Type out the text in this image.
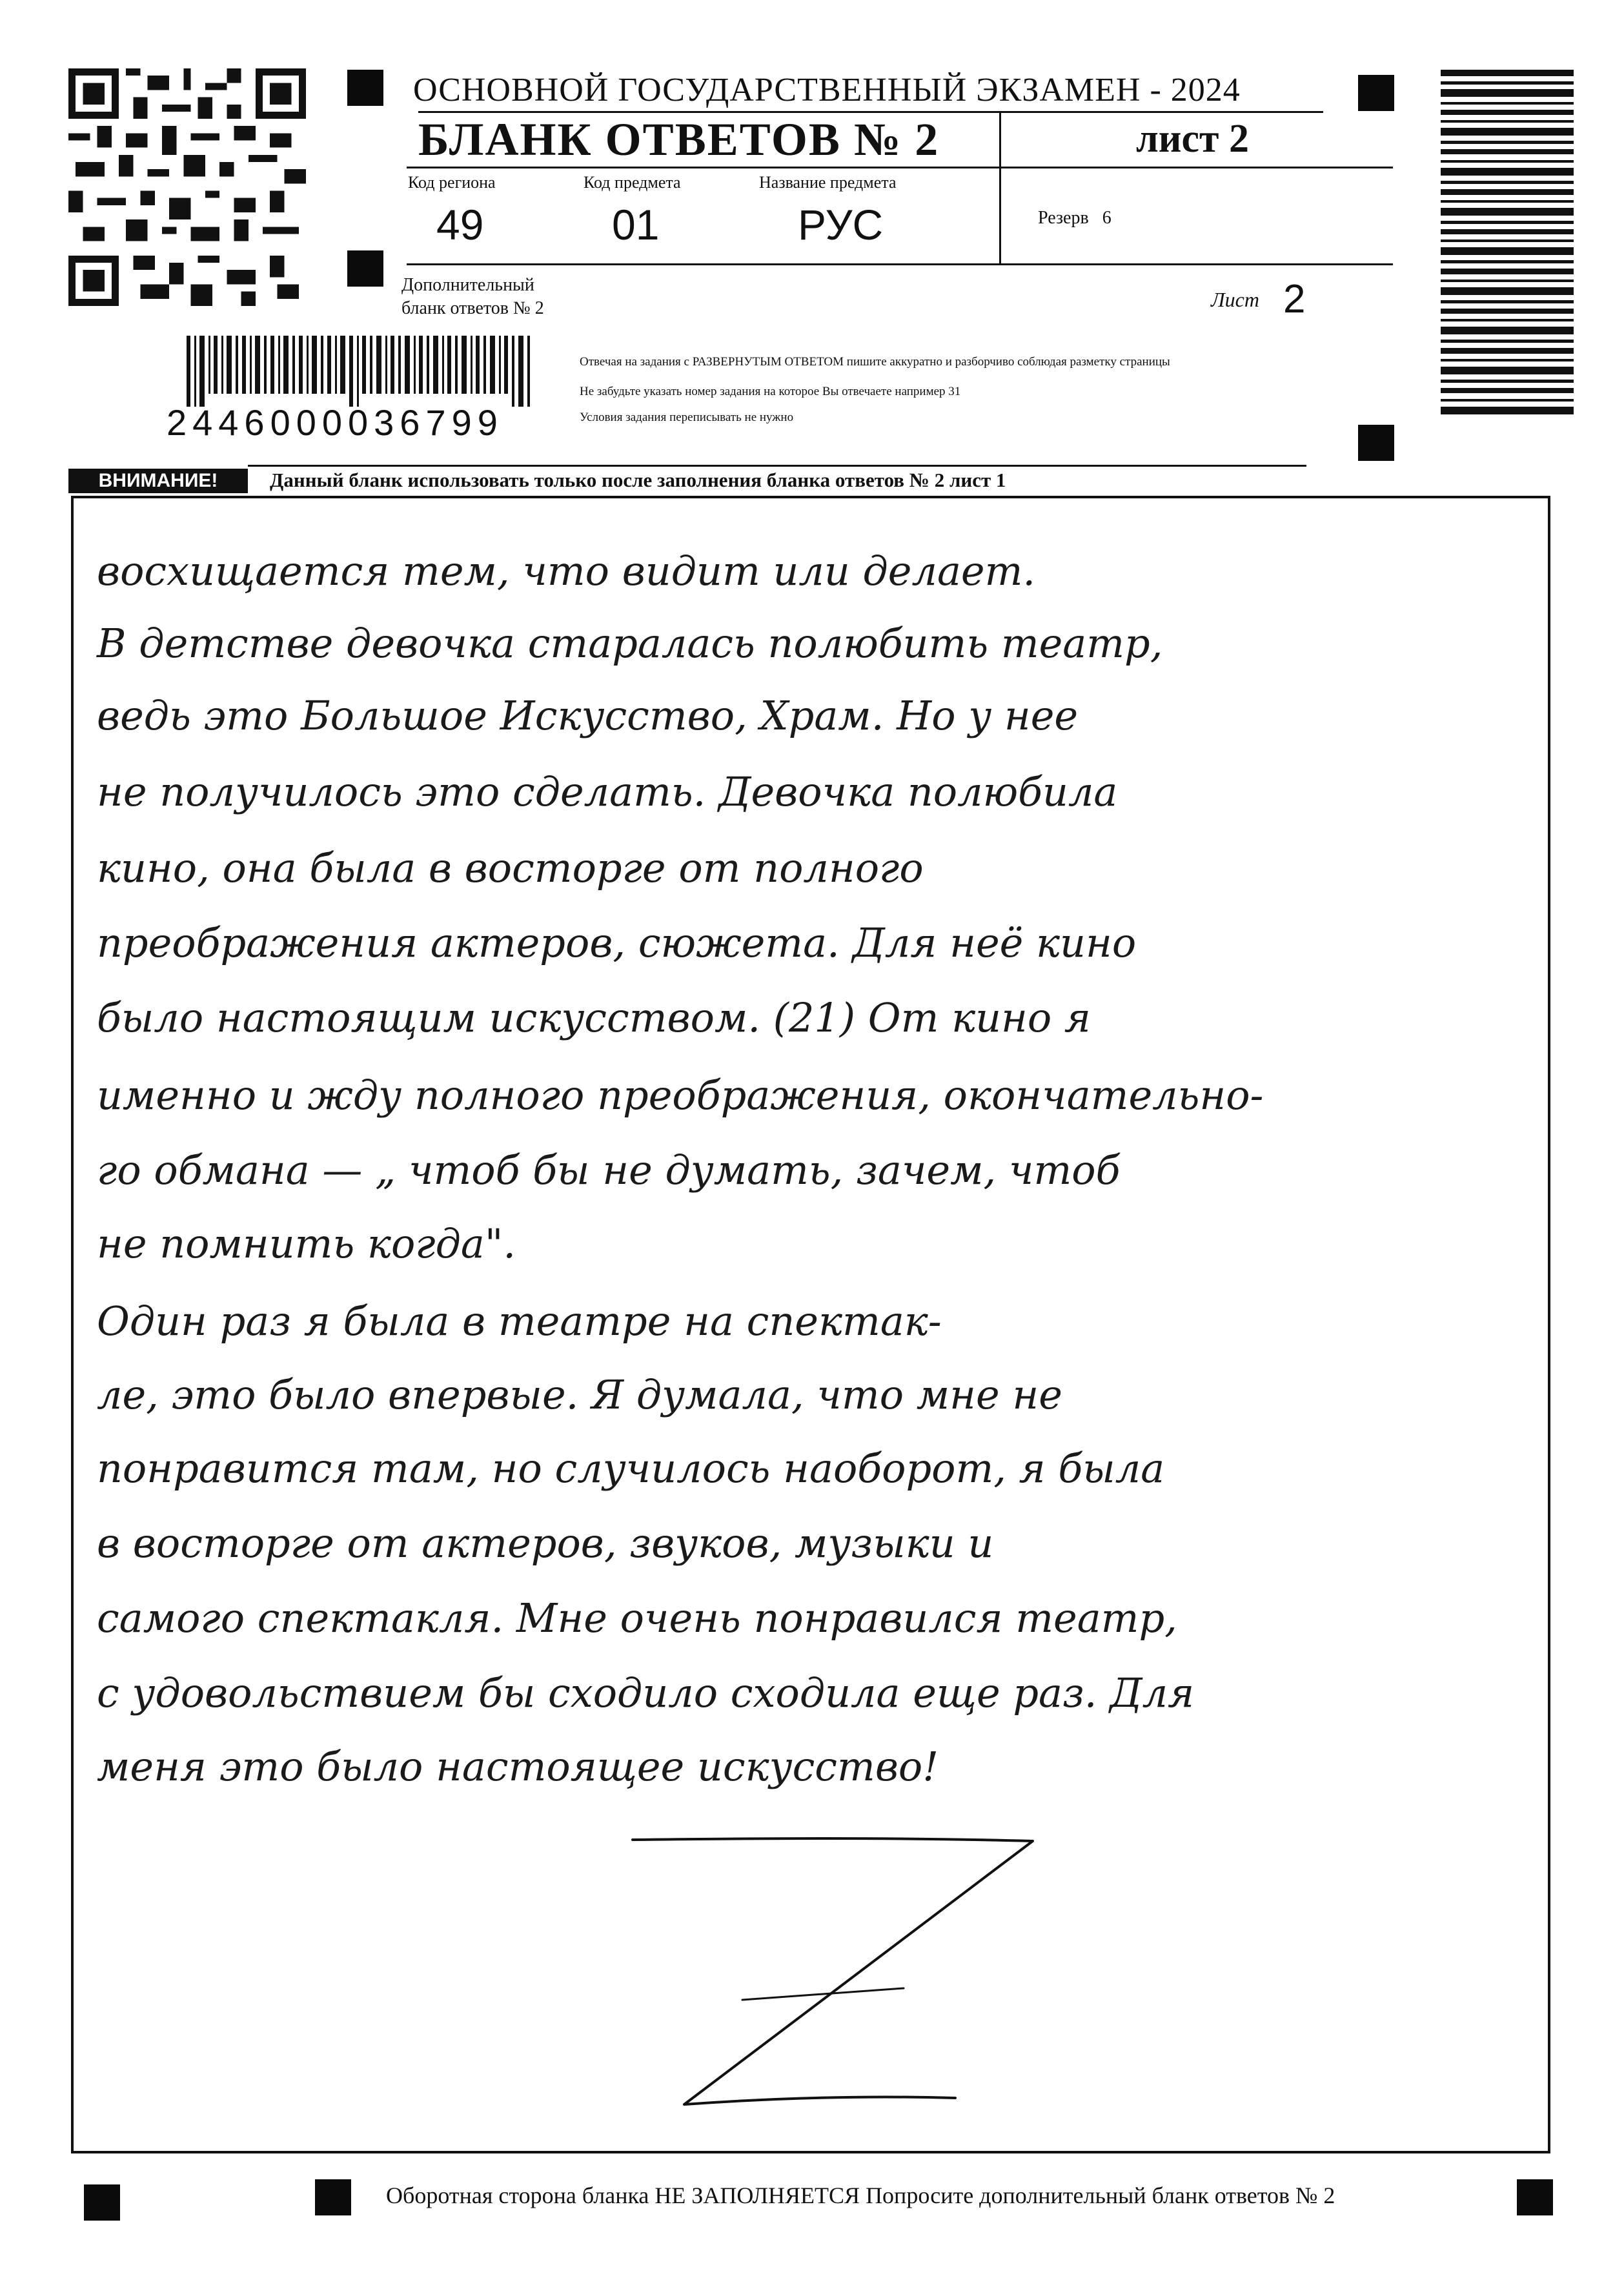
ОСНОВНОЙ ГОСУДАРСТВЕННЫЙ ЭКЗАМЕН - 2024
БЛАНК ОТВЕТОВ № 2	лист 2
Код региона
49
Код предмета
01
Название предмета
РУС	Резерв 6
Дополнительный
бланк ответов № 2	Лист 2
Отвечая на задания с РАЗВЕРНУТЫМ ОТВЕТОМ пишите аккуратно и разборчиво соблюдая разметку страницы
Не забудьте указать номер задания на которое Вы отвечаете например 31
Условия задания переписывать не нужно
2446000036799
ВНИМАНИЕ!	Данный бланк использовать только после заполнения бланка ответов № 2 лист 1
восхищается тем, что видит или делает.
В детстве девочка старалась полюбить театр,
ведь это Большое Искусство, Храм. Но у нее
не получилось это сделать. Девочка полюбила
кино, она была в восторге от полного
преображения актеров, сюжета. Для неё кино
было настоящим искусством. (21) От кино я
именно и жду полного преображения, окончательно-
го обмана — „ чтоб бы не думать, зачем, чтоб
не помнить когда".
Один раз я была в театре на спектак-
ле, это было впервые. Я думала, что мне не
понравится там, но случилось наоборот, я была
в восторге от актеров, звуков, музыки и
самого спектакля. Мне очень понравился театр,
с удовольствием бы сходило сходила еще раз. Для
меня это было настоящее искусство!
Оборотная сторона бланка НЕ ЗАПОЛНЯЕТСЯ Попросите дополнительный бланк ответов № 2
